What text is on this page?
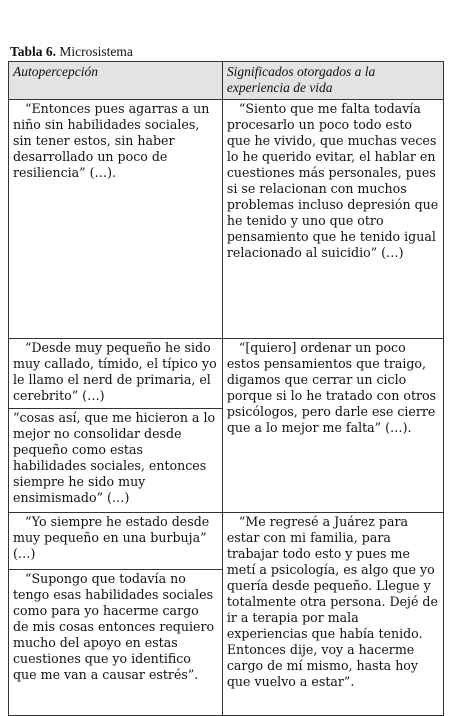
Tabla 6. Microsistema
Autopercepción	Significados otorgados a la experiencia de vida
“Entonces pues agarras a un niño sin habilidades sociales, sin tener estos, sin haber desarrollado un poco de resiliencia” (…).	“Siento que me falta todavía procesarlo un poco todo esto que he vivido, que muchas veces lo he querido evitar, el hablar en cuestiones más personales, pues si se relacionan con muchos problemas incluso depresión que he tenido y uno que otro pensamiento que he tenido igual relacionado al suicidio” (…)
“Desde muy pequeño he sido muy callado, tímido, el típico yo le llamo el nerd de primaria, el cerebrito” (…)	“[quiero] ordenar un poco estos pensamientos que traigo, digamos que cerrar un ciclo porque si lo he tratado con otros psicólogos, pero darle ese cierre que a lo mejor me falta” (…).
“cosas así, que me hicieron a lo mejor no consolidar desde pequeño como estas habilidades sociales, entonces siempre he sido muy ensimismado” (…)	
“Yo siempre he estado desde muy pequeño en una burbuja” (…)	“Me regresé a Juárez para estar con mi familia, para trabajar todo esto y pues me metí a psicología, es algo que yo quería desde pequeño. Llegue y totalmente otra persona. Dejé de ir a terapia por mala experiencias que había tenido. Entonces dije, voy a hacerme cargo de mí mismo, hasta hoy que vuelvo a estar”.
“Supongo que todavía no tengo esas habilidades sociales como para yo hacerme cargo de mis cosas entonces requiero mucho del apoyo en estas cuestiones que yo identifico que me van a causar estrés”.	
